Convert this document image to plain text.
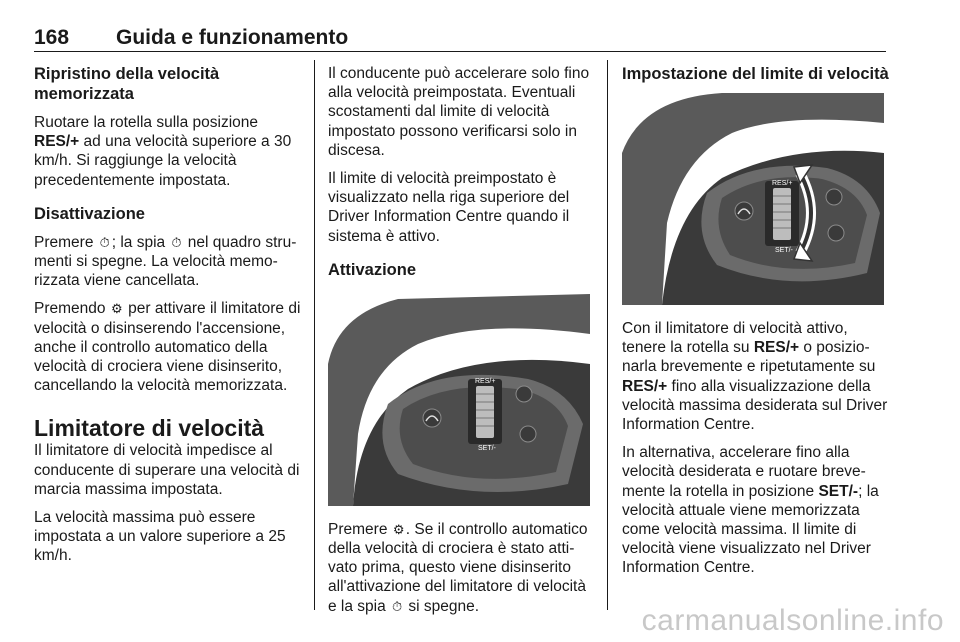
168 Guida e funzionamento
Ripristino della velocità memorizzata

Ruotare la rotella sulla posizione RES/+ ad una velocità superiore a 30 km/h. Si raggiunge la velocità precedentemente impostata.

Disattivazione

Premere ⏱ ; la spia ⏱ nel quadro strumenti si spegne. La velocità memorizzata viene cancellata.

Premendo ⚙ per attivare il limitatore di velocità o disinserendo l'accensione, anche il controllo automatico della velocità di crociera viene disinserito, cancellando la velocità memorizzata.

Limitatore di velocità

Il limitatore di velocità impedisce al conducente di superare una velocità di marcia massima impostata.

La velocità massima può essere impostata a un valore superiore a 25 km/h.

Il conducente può accelerare solo fino alla velocità preimpostata. Eventuali scostamenti dal limite di velocità impostato possono verificarsi solo in discesa.

Il limite di velocità preimpostato è visualizzato nella riga superiore del Driver Information Centre quando il sistema è attivo.

Attivazione
RES/+
SET/-

Premere ⚙. Se il controllo automatico della velocità di crociera è stato attivato prima, questo viene disinserito all'attivazione del limitatore di velocità e la spia ⏱ si spegne.

Impostazione del limite di velocità
RES/+
SET/-

Con il limitatore di velocità attivo, tenere la rotella su RES/+ o posizionarla brevemente e ripetutamente su RES/+ fino alla visualizzazione della velocità massima desiderata sul Driver Information Centre.

In alternativa, accelerare fino alla velocità desiderata e ruotare brevemente la rotella in posizione SET/-; la velocità attuale viene memorizzata come velocità massima. Il limite di velocità viene visualizzato nel Driver Information Centre.

carmanualsonline.info
